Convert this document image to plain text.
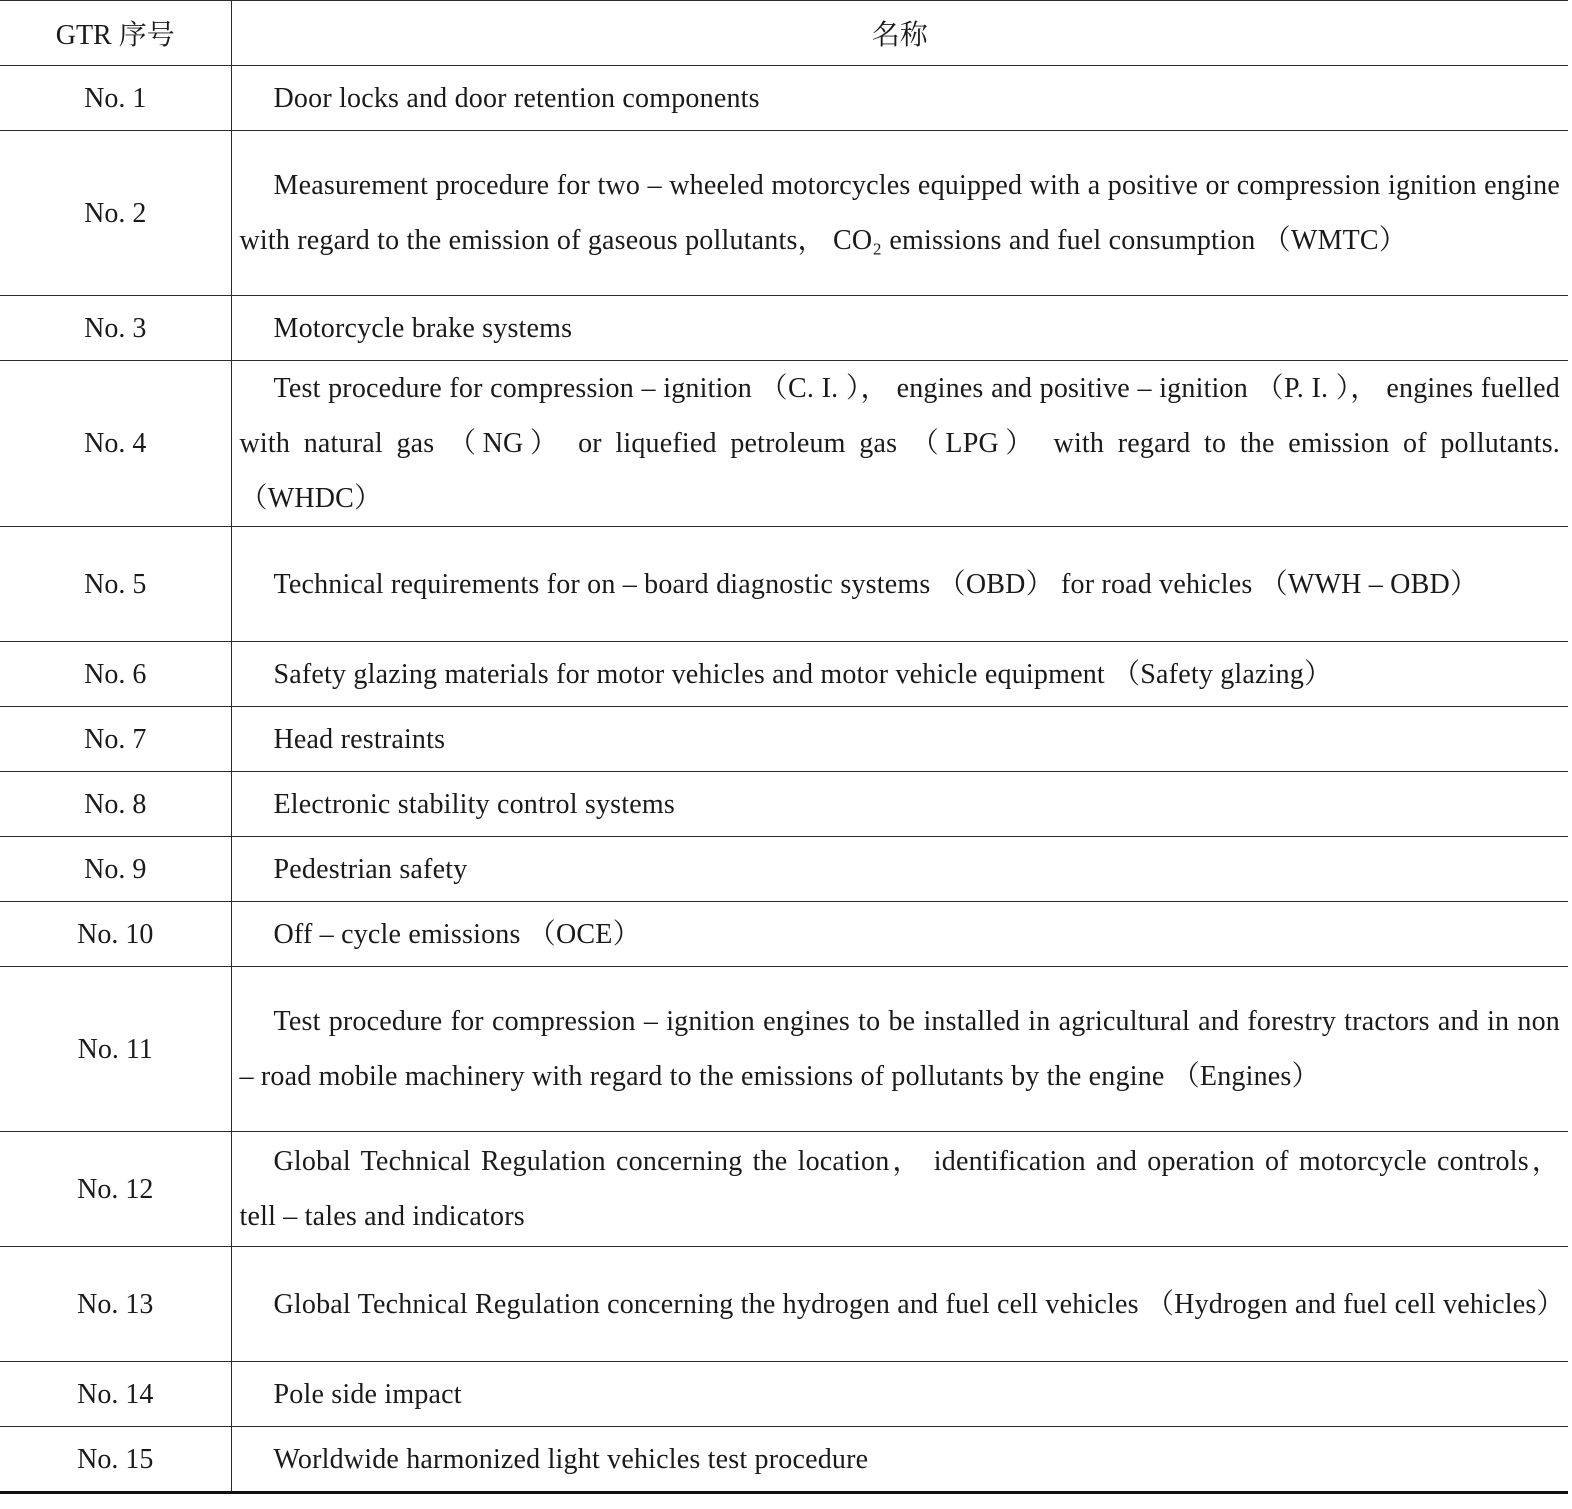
GTR 序号	名称
No. 1	Door locks and door retention components
No. 2	Measurement procedure for two – wheeled motorcycles equipped with a positive or compression ignition engine with regard to the emission of gaseous pollutants， CO₂ emissions and fuel consumption （WMTC）
No. 3	Motorcycle brake systems
No. 4	Test procedure for compression – ignition （C. I. ）， engines and positive – ignition （P. I. ）， engines fuelled with natural gas （NG） or liquefied petroleum gas （LPG） with regard to the emission of pollutants. （WHDC）
No. 5	Technical requirements for on – board diagnostic systems （OBD） for road vehicles （WWH – OBD）
No. 6	Safety glazing materials for motor vehicles and motor vehicle equipment （Safety glazing）
No. 7	Head restraints
No. 8	Electronic stability control systems
No. 9	Pedestrian safety
No. 10	Off – cycle emissions （OCE）
No. 11	Test procedure for compression – ignition engines to be installed in agricultural and forestry tractors and in non – road mobile machinery with regard to the emissions of pollutants by the engine （Engines）
No. 12	Global Technical Regulation concerning the location， identification and operation of motorcycle controls， tell – tales and indicators
No. 13	Global Technical Regulation concerning the hydrogen and fuel cell vehicles （Hydrogen and fuel cell vehicles）
No. 14	Pole side impact
No. 15	Worldwide harmonized light vehicles test procedure
